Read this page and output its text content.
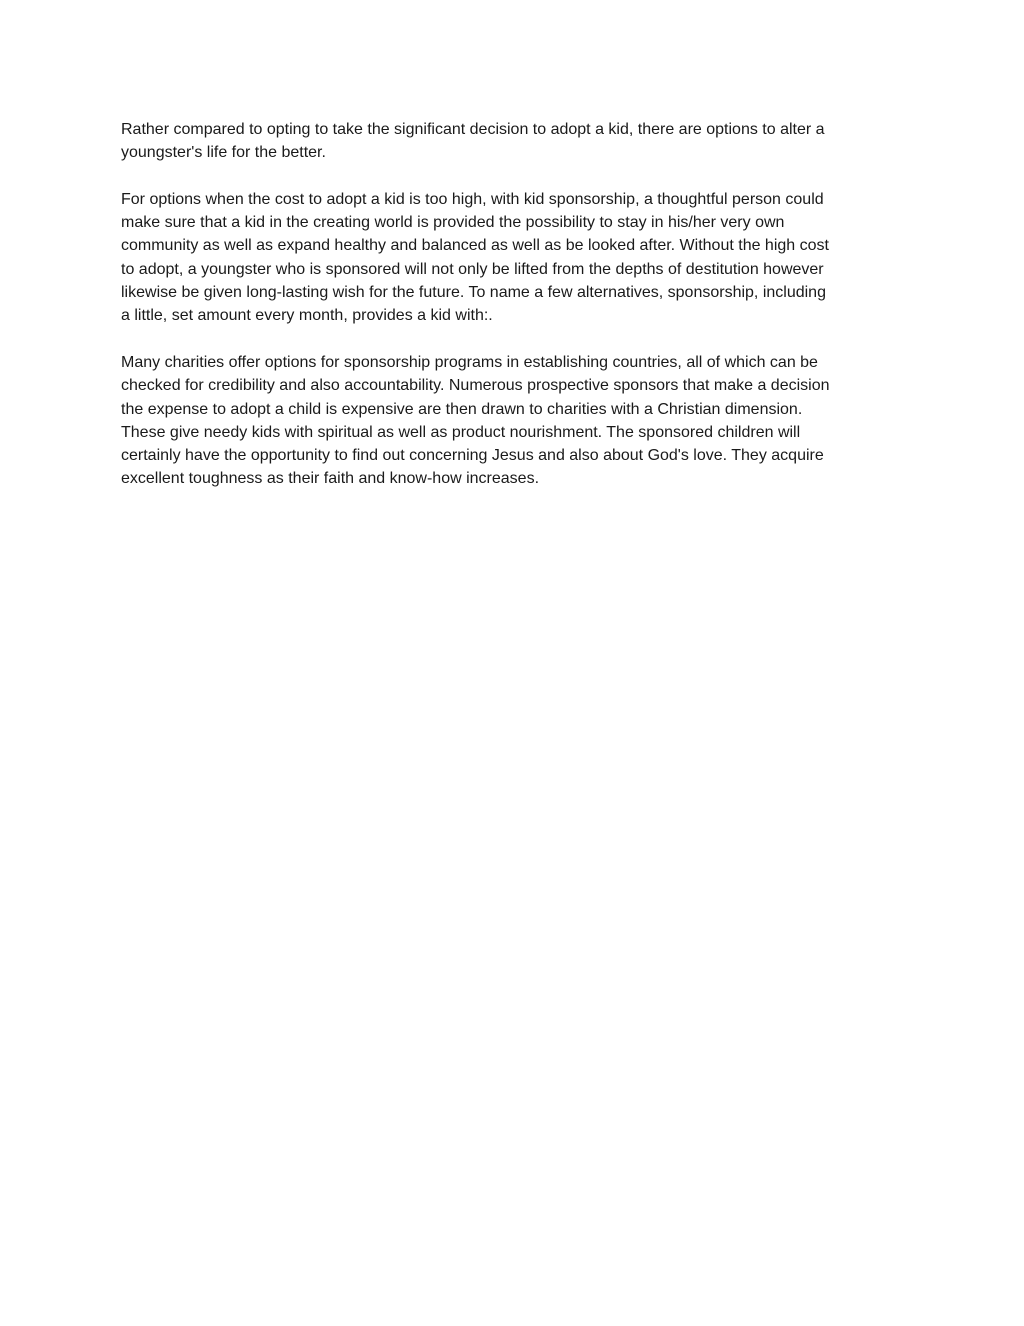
Rather compared to opting to take the significant decision to adopt a kid, there are options to alter a
youngster's life for the better.

For options when the cost to adopt a kid is too high, with kid sponsorship, a thoughtful person could
make sure that a kid in the creating world is provided the possibility to stay in his/her very own
community as well as expand healthy and balanced as well as be looked after. Without the high cost
to adopt, a youngster who is sponsored will not only be lifted from the depths of destitution however
likewise be given long-lasting wish for the future. To name a few alternatives, sponsorship, including
a little, set amount every month, provides a kid with:.

Many charities offer options for sponsorship programs in establishing countries, all of which can be
checked for credibility and also accountability. Numerous prospective sponsors that make a decision
the expense to adopt a child is expensive are then drawn to charities with a Christian dimension.
These give needy kids with spiritual as well as product nourishment. The sponsored children will
certainly have the opportunity to find out concerning Jesus and also about God's love. They acquire
excellent toughness as their faith and know-how increases.
